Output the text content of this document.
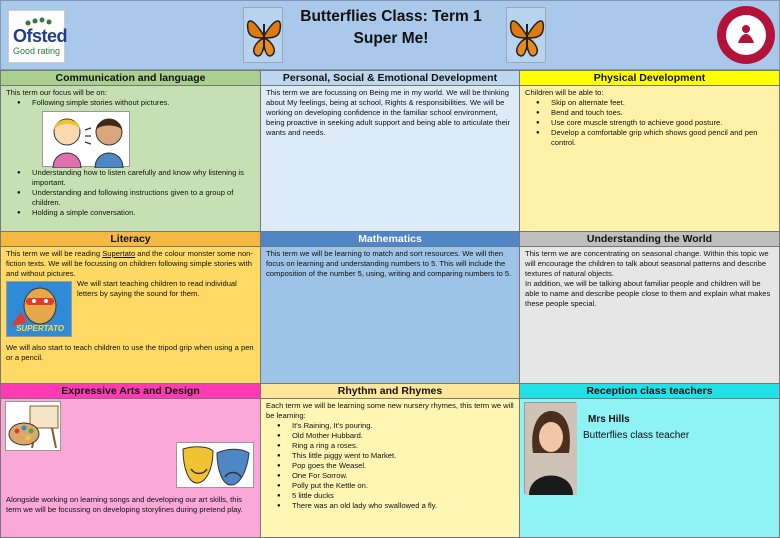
Ofsted
Good rating
Butterflies Class: Term 1
Super Me!
Communication and language

This term our focus will be on:

● Following simple stories without pictures.
● Understanding how to listen carefully and know why listening is important.
● Understanding and following instructions given to a group of children.
● Holding a simple conversation.
Personal, Social & Emotional Development

This term we are focussing on Being me in my world. We will be thinking about My feelings, being at school, Rights & responsibilities. We will be working on developing confidence in the familiar school environment, being proactive in seeking adult support and being able to articulate their wants and needs.

Physical Development

Children will be able to:

● Skip on alternate feet.
● Bend and touch toes.
● Use core muscle strength to achieve good posture.
● Develop a comfortable grip which shows good pencil and pen control.
Literacy

This term we will be reading Supertato and the colour monster some non-fiction texts. We will be focussing on children following simple stories with and without pictures.

SUPERTATO

We will start teaching children to read individual letters by saying the sound for them.

We will also start to teach children to use the tripod grip when using a pen or a pencil.

Mathematics

This term we will be learning to match and sort resources. We will then focus on learning and understanding numbers to 5. This will include the composition of the number 5, using, writing and comparing numbers to 5.

Understanding the World

This term we are concentrating on seasonal change. Within this topic we will encourage the children to talk about seasonal patterns and describe textures of natural objects.

In addition, we will be talking about familiar people and children will be able to name and describe people close to them and explain what makes these people special.

Expressive Arts and Design

Alongside working on learning songs and developing our art skills, this term we will be focussing on developing storylines during pretend play.

Rhythm and Rhymes

Each term we will be learning some new nursery rhymes, this term we will be learning:

● It's Raining, It's pouring.
● Old Mother Hubbard.
● Ring a ring a roses.
● This little piggy went to Market.
● Pop goes the Weasel.
● One For Sorrow.
● Polly put the Kettle on.
● 5 little ducks
● There was an old lady who swallowed a fly.
Reception class teachers
Mrs Hills
Butterflies class teacher
